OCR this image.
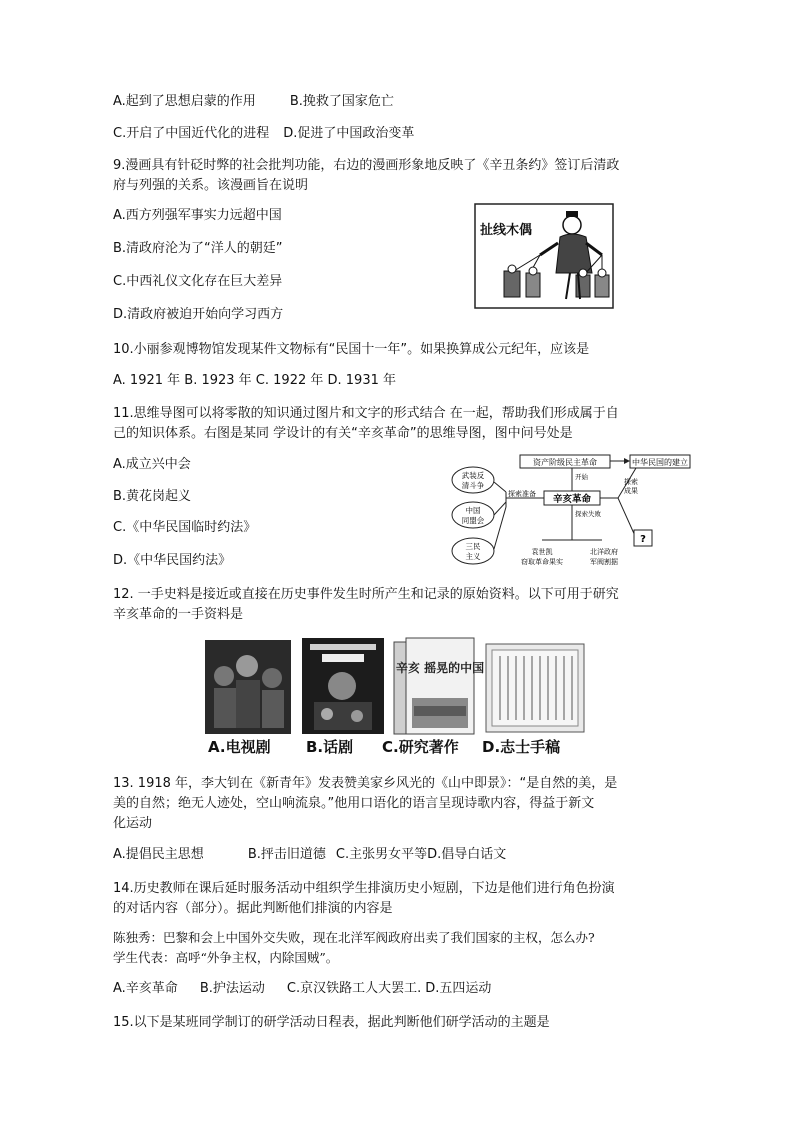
A.起到了思想启蒙的作用	B.挽救了国家危亡
C.开启了中国近代化的进程 D.促进了中国政治变革
9.漫画具有针砭时弊的社会批判功能，右边的漫画形象地反映了《辛丑条约》签订后清政
府与列强的关系。该漫画旨在说明
A.西方列强军事实力远超中国
B.清政府沦为了“洋人的朝廷”
C.中西礼仪文化存在巨大差异
D.清政府被迫开始向学习西方
扯线木偶
10.小丽参观博物馆发现某件文物标有“民国十一年”。如果换算成公元纪年，应该是
A. 1921 年 B. 1923 年 C. 1922 年 D. 1931 年
11.思维导图可以将零散的知识通过图片和文字的形式结合 在一起，帮助我们形成属于自
己的知识体系。右图是某同 学设计的有关“辛亥革命”的思维导图，图中问号处是
A.成立兴中会
B.黄花岗起义
C.《中华民国临时约法》
D.《中华民国约法》
资产阶级民主革命	中华民国的建立
武装反
清斗争
中国
同盟会
三民
主义
探索准备 辛亥革命
开始
探索
成果
?
探索失败
袁世凯
窃取革命果实
北洋政府
军阀割据
12. 一手史料是接近或直接在历史事件发生时所产生和记录的原始资料。以下可用于研究
辛亥革命的一手资料是
辛亥 摇晃的中国
A.电视剧 B.话剧 C.研究著作 D.志士手稿
13. 1918 年，李大钊在《新青年》发表赞美家乡风光的《山中即景》：“是自然的美，是
美的自然；绝无人迹处，空山响流泉。”他用口语化的语言呈现诗歌内容，得益于新文
化运动
A.提倡民主思想	B.抨击旧道德 C.主张男女平等D.倡导白话文
14.历史教师在课后延时服务活动中组织学生排演历史小短剧，下边是他们进行角色扮演
的对话内容（部分）。据此判断他们排演的内容是
陈独秀：巴黎和会上中国外交失败，现在北洋军阀政府出卖了我们国家的主权，怎么办?
学生代表：高呼“外争主权，内除国贼”。
A.辛亥革命 B.护法运动 C.京汉铁路工人大罢工. D.五四运动
15.以下是某班同学制订的研学活动日程表，据此判断他们研学活动的主题是
